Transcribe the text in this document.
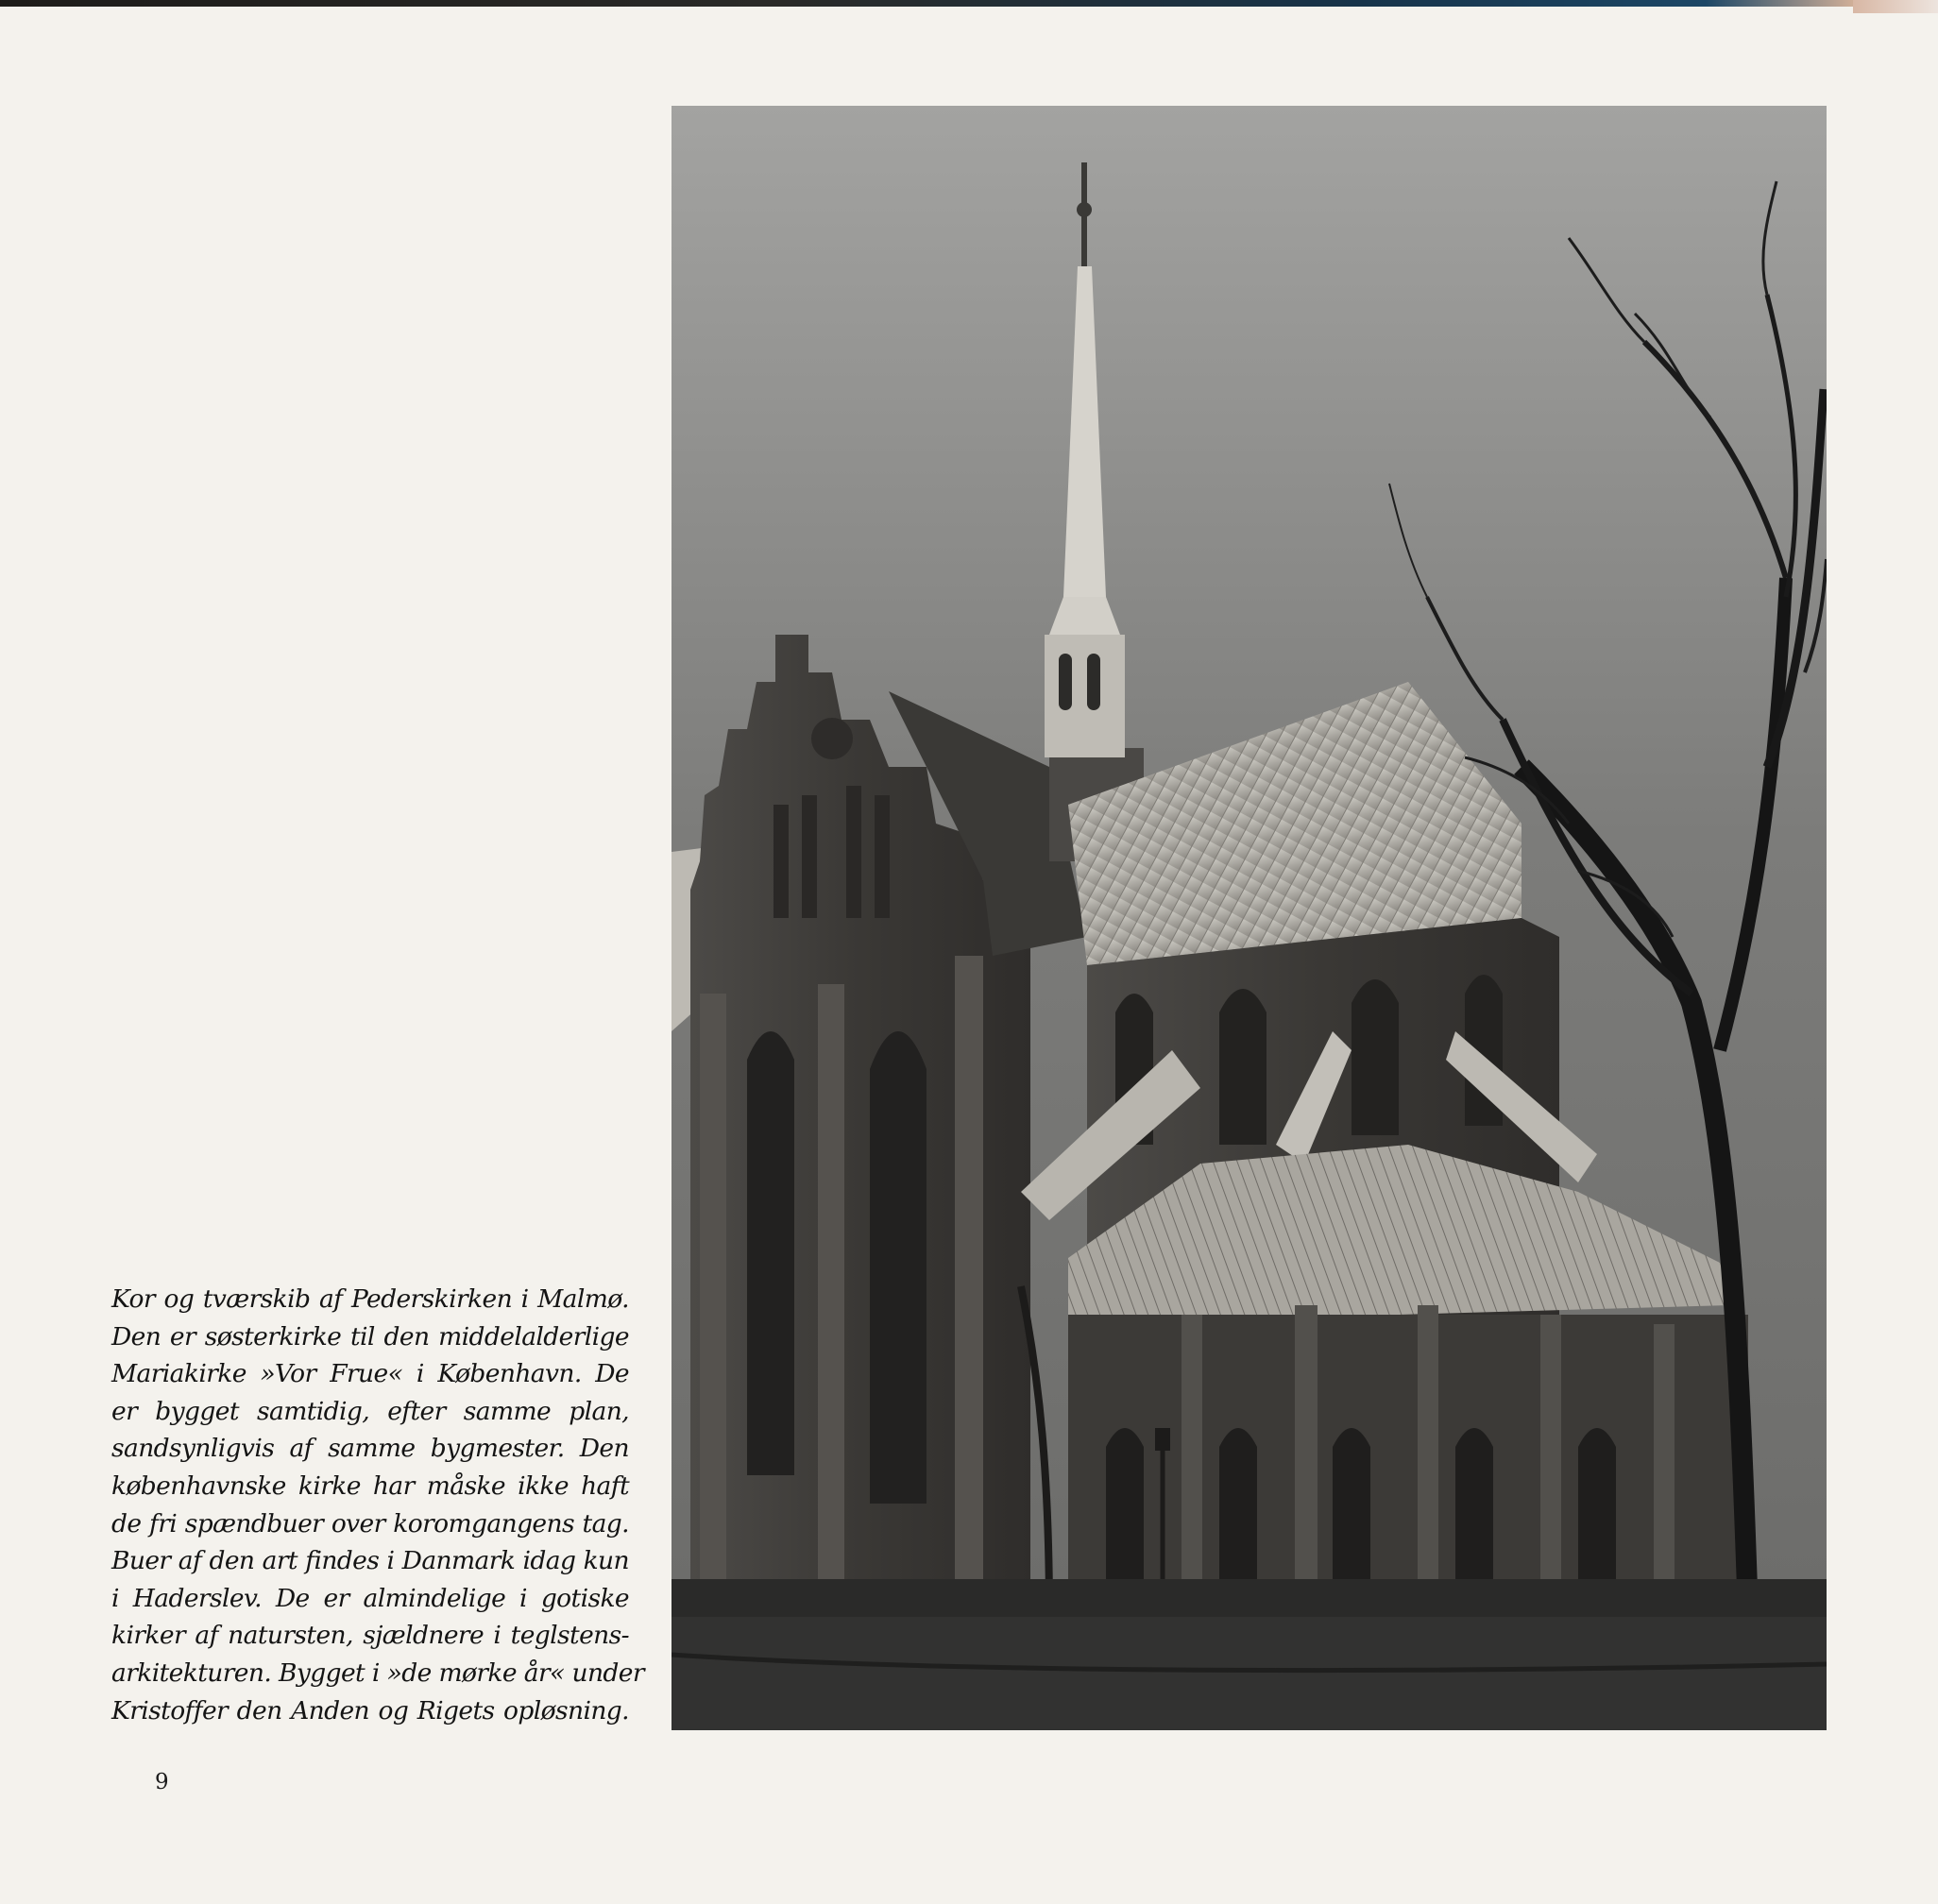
Kor og tværskib af Pederskirken i Malmø.
Den er søsterkirke til den middelalderlige
Mariakirke »Vor Frue« i København. De
er bygget samtidig, efter samme plan,
sandsynligvis af samme bygmester. Den
københavnske kirke har måske ikke haft
de fri spændbuer over koromgangens tag.
Buer af den art findes i Danmark idag kun
i Haderslev. De er almindelige i gotiske
kirker af natursten, sjældnere i teglstens-
arkitekturen. Bygget i »de mørke år« under
Kristoffer den Anden og Rigets opløsning.

9
